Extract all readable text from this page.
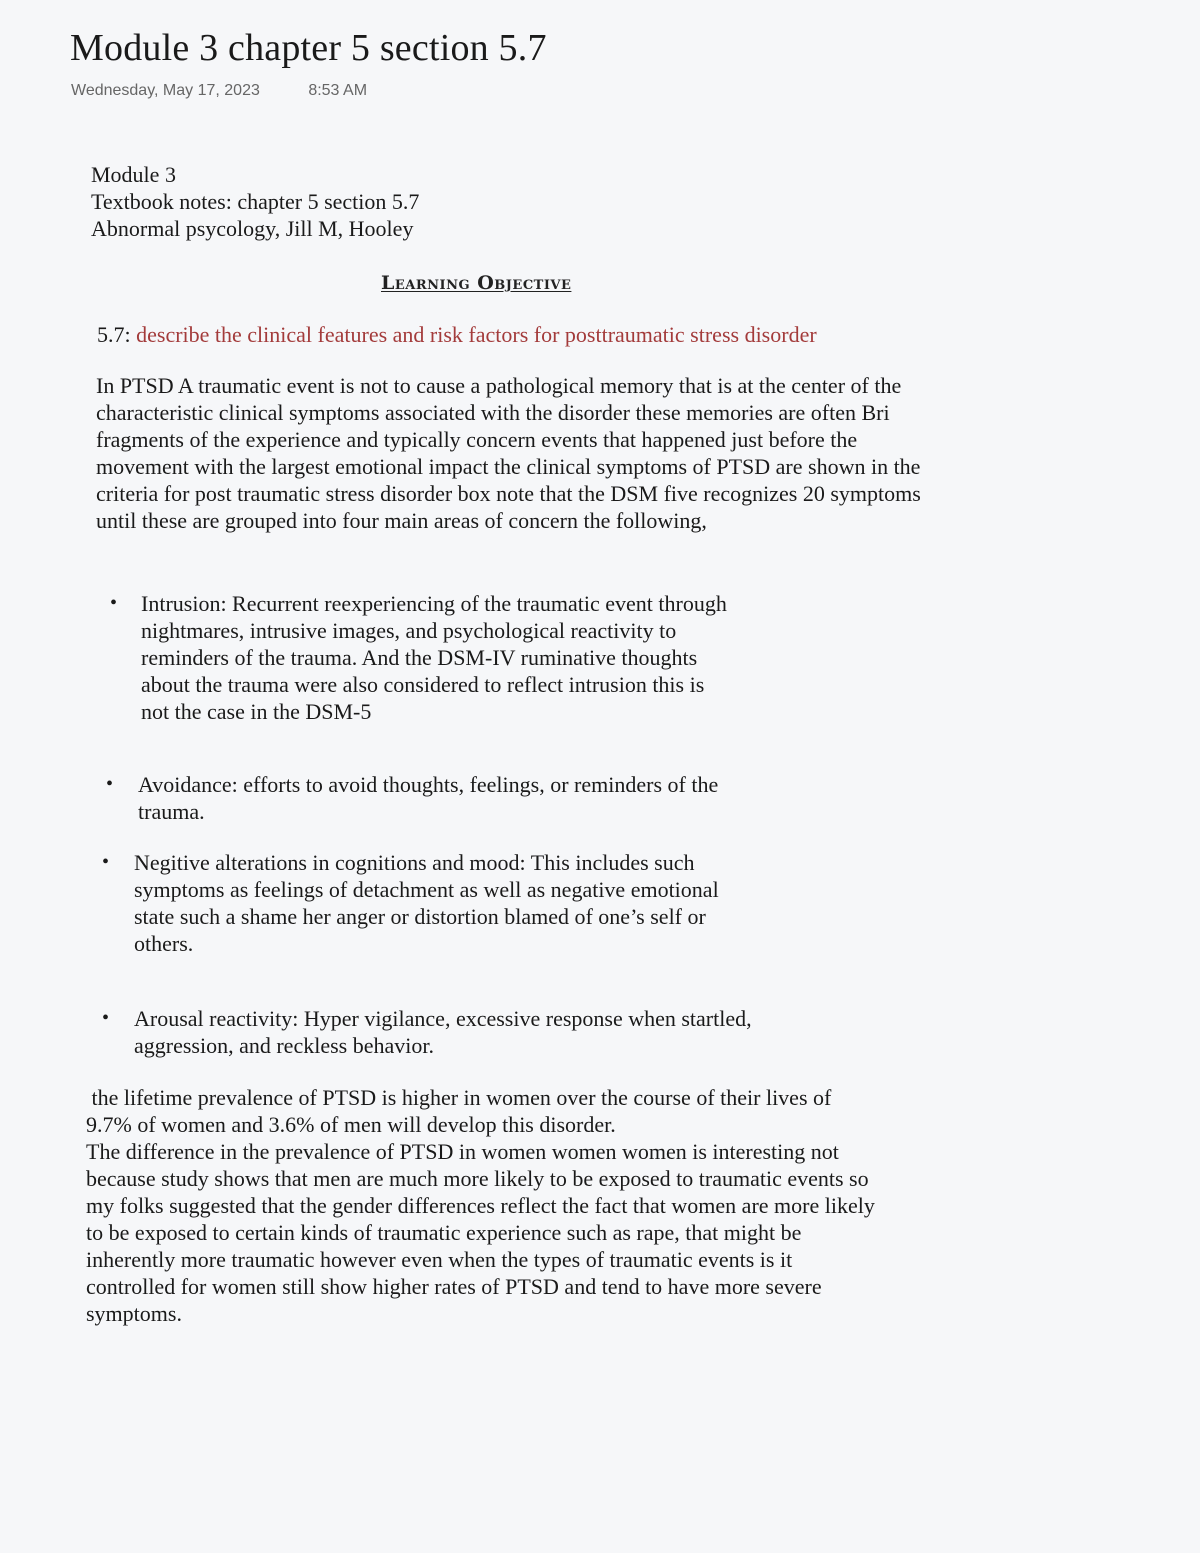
Module 3 chapter 5 section 5.7
Wednesday, May 17, 2023	8:53 AM
Module 3
Textbook notes: chapter 5 section 5.7
Abnormal psycology, Jill M, Hooley
Learning Objective
5.7: describe the clinical features and risk factors for posttraumatic stress disorder
In PTSD A traumatic event is not to cause a pathological memory that is at the center of the
characteristic clinical symptoms associated with the disorder these memories are often Bri
fragments of the experience and typically concern events that happened just before the
movement with the largest emotional impact the clinical symptoms of PTSD are shown in the
criteria for post traumatic stress disorder box note that the DSM five recognizes 20 symptoms
until these are grouped into four main areas of concern the following,
• Intrusion: Recurrent reexperiencing of the traumatic event through
nightmares, intrusive images, and psychological reactivity to
reminders of the trauma. And the DSM-IV ruminative thoughts
about the trauma were also considered to reflect intrusion this is
not the case in the DSM-5
• Avoidance: efforts to avoid thoughts, feelings, or reminders of the
trauma.
• Negitive alterations in cognitions and mood: This includes such
symptoms as feelings of detachment as well as negative emotional
state such a shame her anger or distortion blamed of one’s self or
others.
• Arousal reactivity: Hyper vigilance, excessive response when startled,
aggression, and reckless behavior.
the lifetime prevalence of PTSD is higher in women over the course of their lives of
9.7% of women and 3.6% of men will develop this disorder.
The difference in the prevalence of PTSD in women women women is interesting not
because study shows that men are much more likely to be exposed to traumatic events so
my folks suggested that the gender differences reflect the fact that women are more likely
to be exposed to certain kinds of traumatic experience such as rape, that might be
inherently more traumatic however even when the types of traumatic events is it
controlled for women still show higher rates of PTSD and tend to have more severe
symptoms.
